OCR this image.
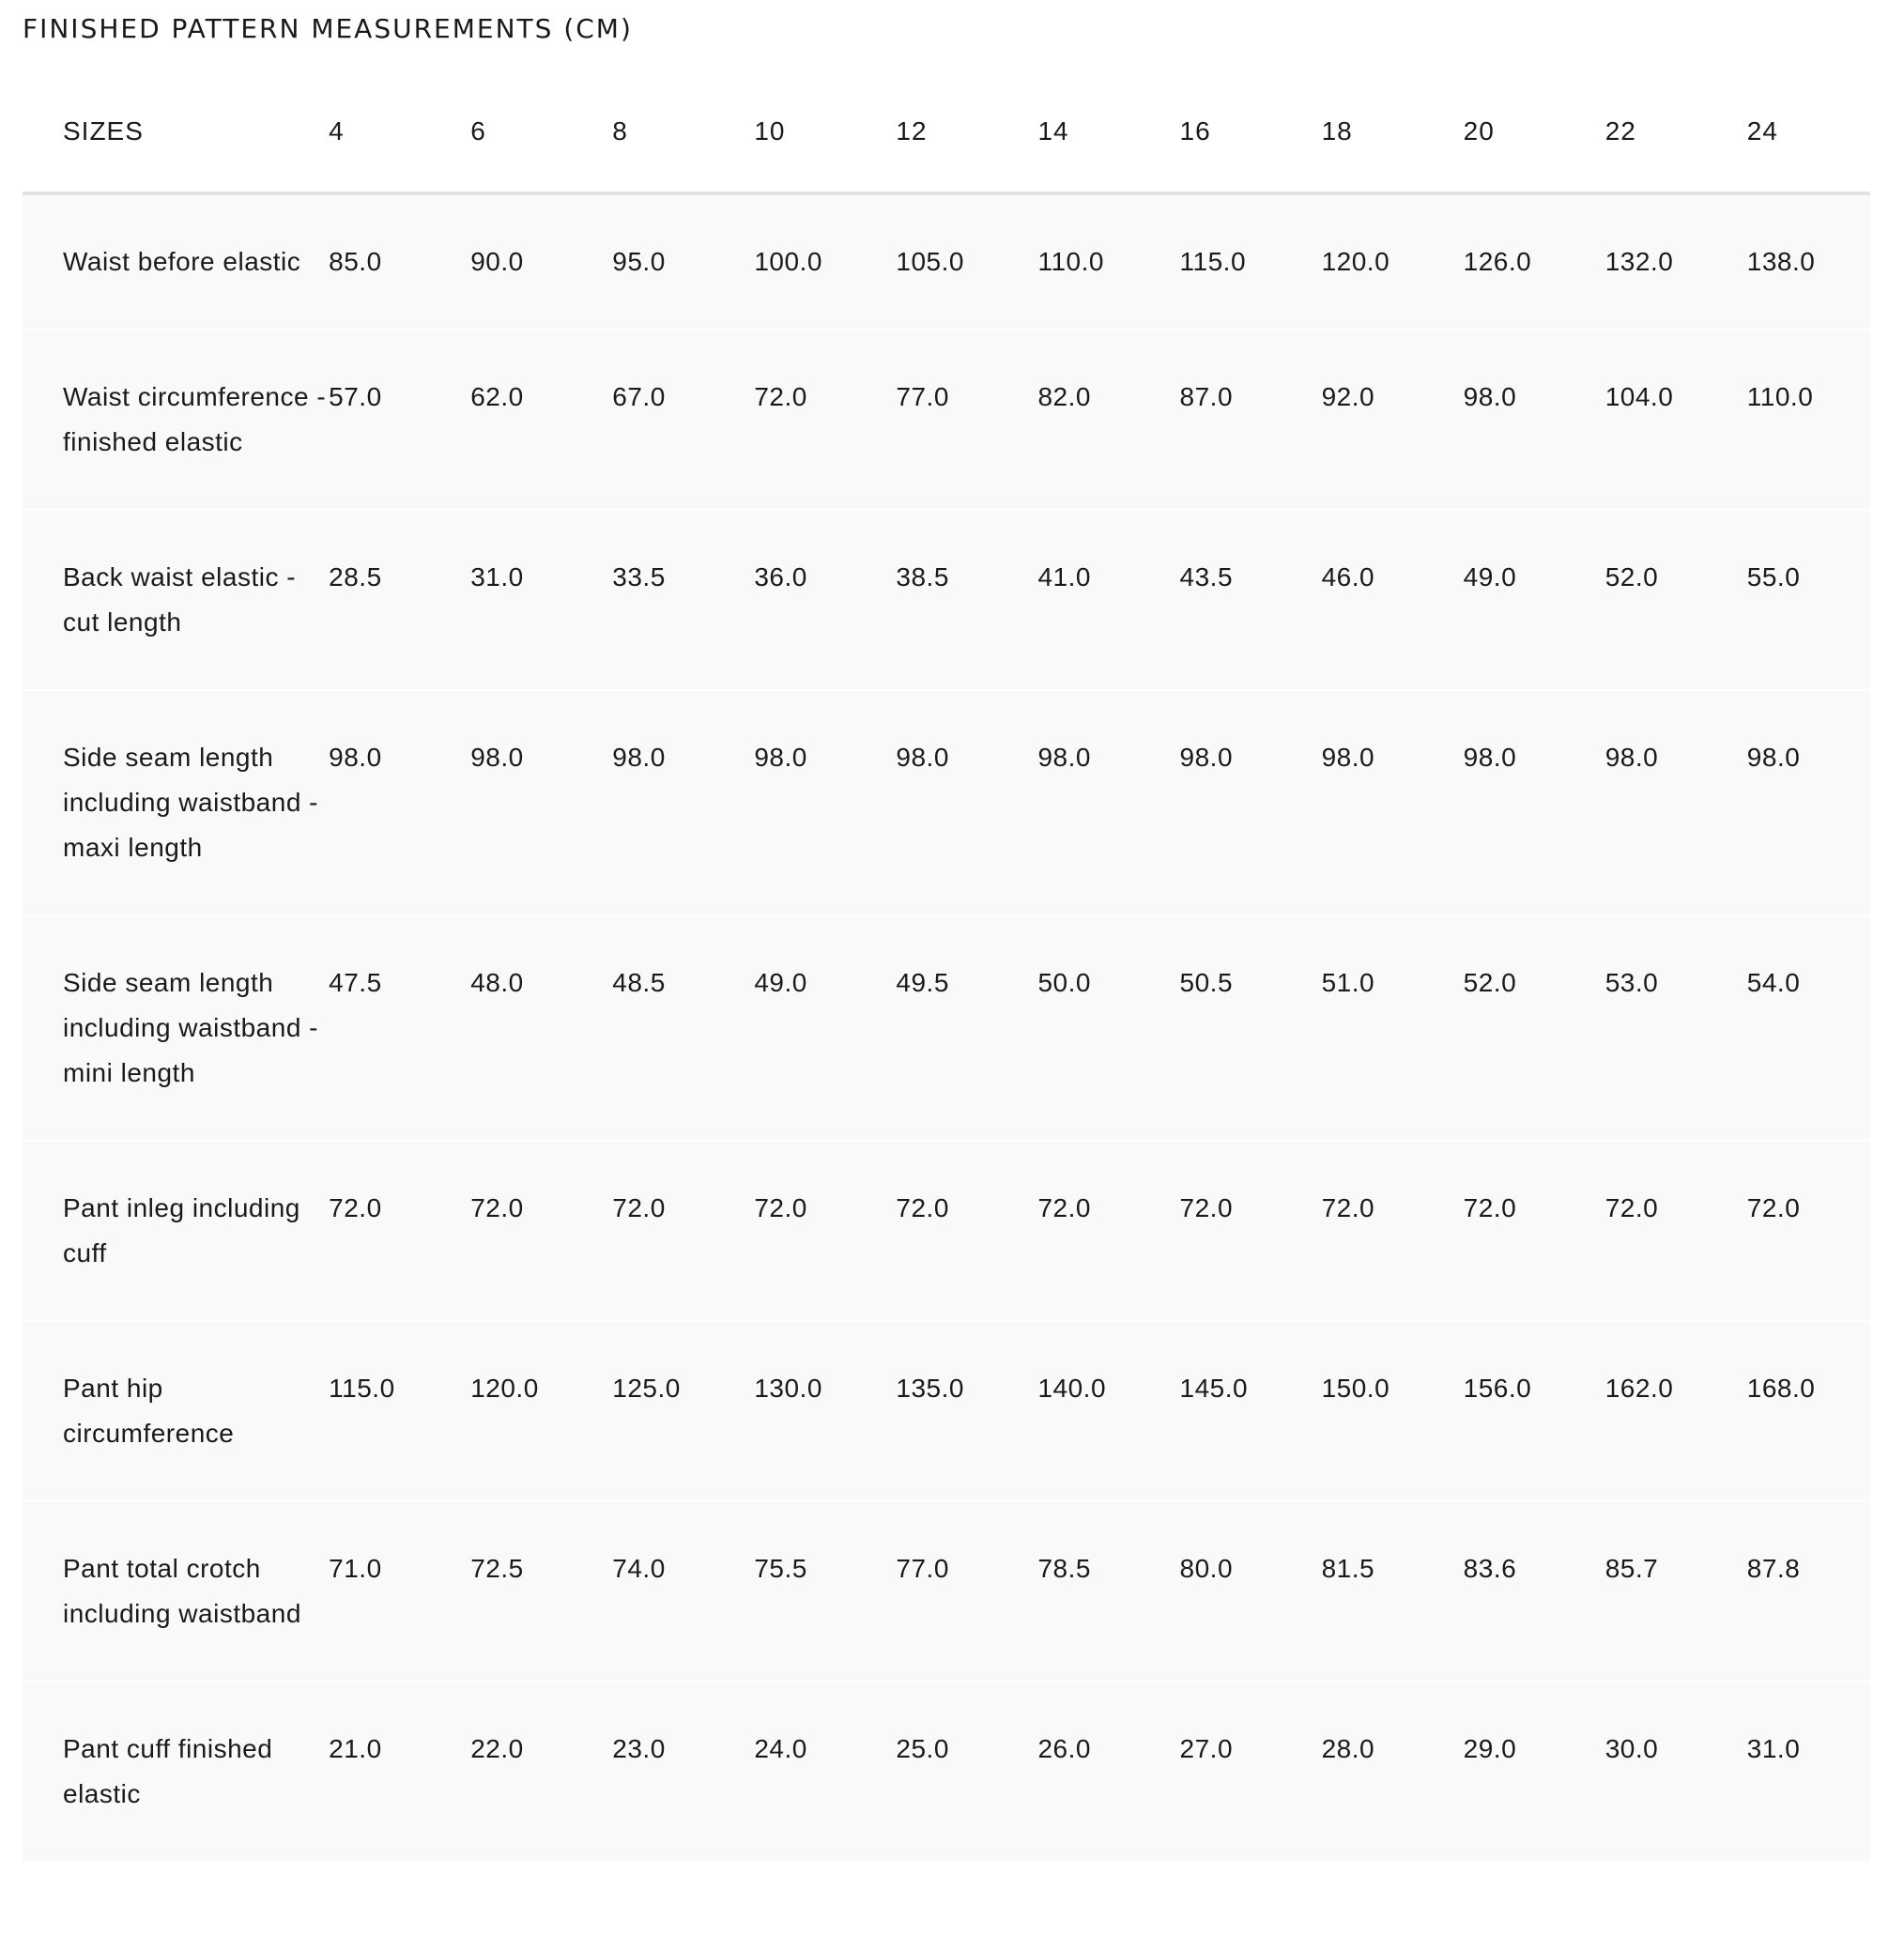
FINISHED PATTERN MEASUREMENTS (CM)
SIZES	4	6	8	10	12	14	16	18	20	22	24
Waist before elastic	85.0	90.0	95.0	100.0	105.0	110.0	115.0	120.0	126.0	132.0	138.0
Waist circumference - finished elastic	57.0	62.0	67.0	72.0	77.0	82.0	87.0	92.0	98.0	104.0	110.0
Back waist elastic - cut length	28.5	31.0	33.5	36.0	38.5	41.0	43.5	46.0	49.0	52.0	55.0
Side seam length including waistband - maxi length	98.0	98.0	98.0	98.0	98.0	98.0	98.0	98.0	98.0	98.0	98.0
Side seam length including waistband - mini length	47.5	48.0	48.5	49.0	49.5	50.0	50.5	51.0	52.0	53.0	54.0
Pant inleg including cuff	72.0	72.0	72.0	72.0	72.0	72.0	72.0	72.0	72.0	72.0	72.0
Pant hip circumference	115.0	120.0	125.0	130.0	135.0	140.0	145.0	150.0	156.0	162.0	168.0
Pant total crotch including waistband	71.0	72.5	74.0	75.5	77.0	78.5	80.0	81.5	83.6	85.7	87.8
Pant cuff finished elastic	21.0	22.0	23.0	24.0	25.0	26.0	27.0	28.0	29.0	30.0	31.0
